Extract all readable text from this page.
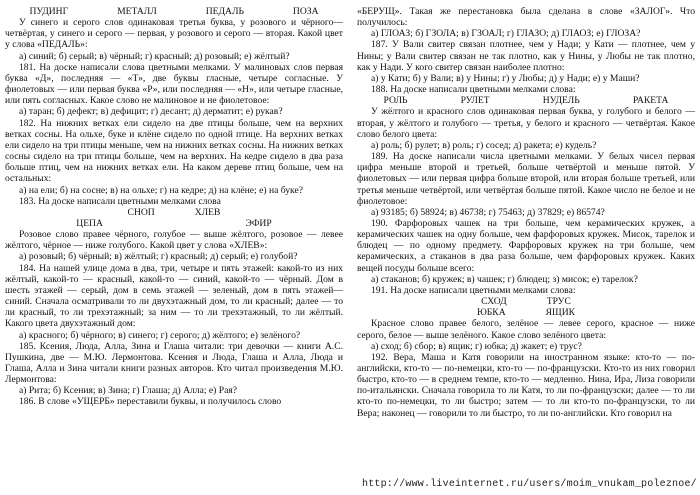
ПУДИНГ	МЕТАЛЛ	ПЕДАЛЬ	ПОЗА

У синего и серого слов одинаковая третья буква, у розового и чёрного— четвёртая, у синего и серого — первая, у розового и серого — вторая. Какой цвет у слова «ПЕДАЛЬ»:

а) синий; б) серый; в) чёрный; г) красный; д) розовый; е) жёлтый?

181. На доске написали слова цветными мелками. У малиновых слов первая буква «Д», последняя — «Т», две буквы гласные, четыре согласные. У фиолетовых — или первая буква «Р», или последняя — «Н», или четыре гласные, или пять согласных. Какое слово не малиновое и не фиолетовое:

а) таран; б) дефект; в) дефицит; г) десант; д) дерматит; е) рукав?

182. На нижних ветках ели сидело на две птицы больше, чем на верхних ветках сосны. На ольхе, буке и клёне сидело по одной птице. На верхних ветках ели сидело на три птицы меньше, чем на нижних ветках сосны. На нижних ветках сосны сидело на три птицы больше, чем на верхних. На кедре сидело в два раза больше птиц, чем на нижних ветках ели. На каком дереве птиц больше, чем на остальных:

а) на ели; б) на сосне; в) на ольхе; г) на кедре; д) на клёне; е) на буке?

183. На доске написали цветными мелками слова

СНОП	ХЛЕВ
ЦЕПА	ЭФИР

Розовое слово правее чёрного, голубое — выше жёлтого, розовое — левее жёлтого, чёрное — ниже голубого. Какой цвет у слова «ХЛЕВ»:

а) розовый; б) чёрный; в) жёлтый; г) красный; д) серый; е) голубой?

184. На нашей улице дома в два, три, четыре и пять этажей: какой-то из них жёлтый, какой-то — красный, какой-то — синий, какой-то — чёрный. Дом в шесть этажей — серый, дом в семь этажей — зеленый, дом в пять этажей— синий. Сначала осматривали то ли двухэтажный дом, то ли красный; далее — то ли красный, то ли трехэтажный; за ним — то ли трехэтажный, то ли жёлтый. Какого цвета двухэтажный дом:

а) красного; б) чёрного; в) синего; г) серого; д) жёлтого; е) зелёного?

185. Ксения, Люда, Алла, Зина и Глаша читали: три девочки — книги А.С. Пушкина, две — М.Ю. Лермонтова. Ксения и Люда, Глаша и Алла, Люда и Глаша, Алла и Зина читали книги разных авторов. Кто читал произведения М.Ю. Лермонтова:

а) Рита; б) Ксения; в) Зина; г) Глаша; д) Алла; е) Рая?

186. В слове «УЩЕРБ» переставили буквы, и получилось слово

«БЕРУЩ». Такая же перестановка была сделана в слове «ЗАЛОГ». Что получилось:

а) ГЛОАЗ; б) ГЗОЛА; в) ГЗОАЛ; г) ГЛАЗО; д) ГЛАОЗ; е) ГЛОЗА?

187. У Вали свитер связан плотнее, чем у Нади; у Кати — плотнее, чем у Нины; у Вали свитер связан не так плотно, как у Нины, у Любы не так плотно, как у Нади. У кого свитер связан наиболее плотно:

а) у Кати; б) у Вали; в) у Нины; г) у Любы; д) у Нади; е) у Маши?

188. На доске написали цветными мелками слова:

РОЛЬ	РУЛЕТ	НУДЕЛЬ	РАКЕТА

У жёлтого и красного слов одинаковая первая буква, у голубого и белого — вторая, у жёлтого и голубого — третья, у белого и красного — четвёртая. Какое слово белого цвета:

а) роль; б) рулет; в) роль; г) сосед; д) ракета; е) кудель?

189. На доске написали числа цветными мелками. У белых чисел первая цифра меньше второй и третьей, больше четвёртой и меньше пятой. У фиолетовых — или первая цифра больше второй, или вторая больше третьей, или третья меньше четвёртой, или четвёртая больше пятой. Какое число не белое и не фиолетовое:

а) 93185; б) 58924; в) 46738; г) 75463; д) 37829; е) 86574?

190. Фарфоровых чашек на три больше, чем керамических кружек, а керамических чашек на одну больше, чем фарфоровых кружек. Мисок, тарелок и блюдец — по одному предмету. Фарфоровых кружек на три больше, чем керамических, а стаканов в два раза больше, чем фарфоровых кружек. Каких вещей посуды больше всего:

а) стаканов; б) кружек; в) чашек; г) блюдец; з) мисок; е) тарелок?

191. На доске написали цветными мелками слова:

СХОД	ТРУС
ЮБКА	ЯЩИК

Красное слово правее белого, зелёное — левее серого, красное — ниже серого, белое — выше зелёного. Какое слово зелёного цвета:

а) сход; б) сбор; в) ящик; г) юбка; д) жакет; е) трус?

192. Вера, Маша и Катя говорили на иностранном языке: кто-то — по-английски, кто-то — по-немецки, кто-то — по-французски. Кто-то из них говорил быстро, кто-то — в среднем темпе, кто-то — медленно. Нина, Ира, Лиза говорили по-итальянски. Сначала говорила то ли Катя, то ли по-французски; далее — то ли кто-то по-немецки, то ли быстро; затем — то ли кто-то по-французски, то ли Вера; наконец — говорили то ли быстро, то ли по-английски. Кто говорил на

http://www.liveinternet.ru/users/moim_vnukam_poleznoe/
